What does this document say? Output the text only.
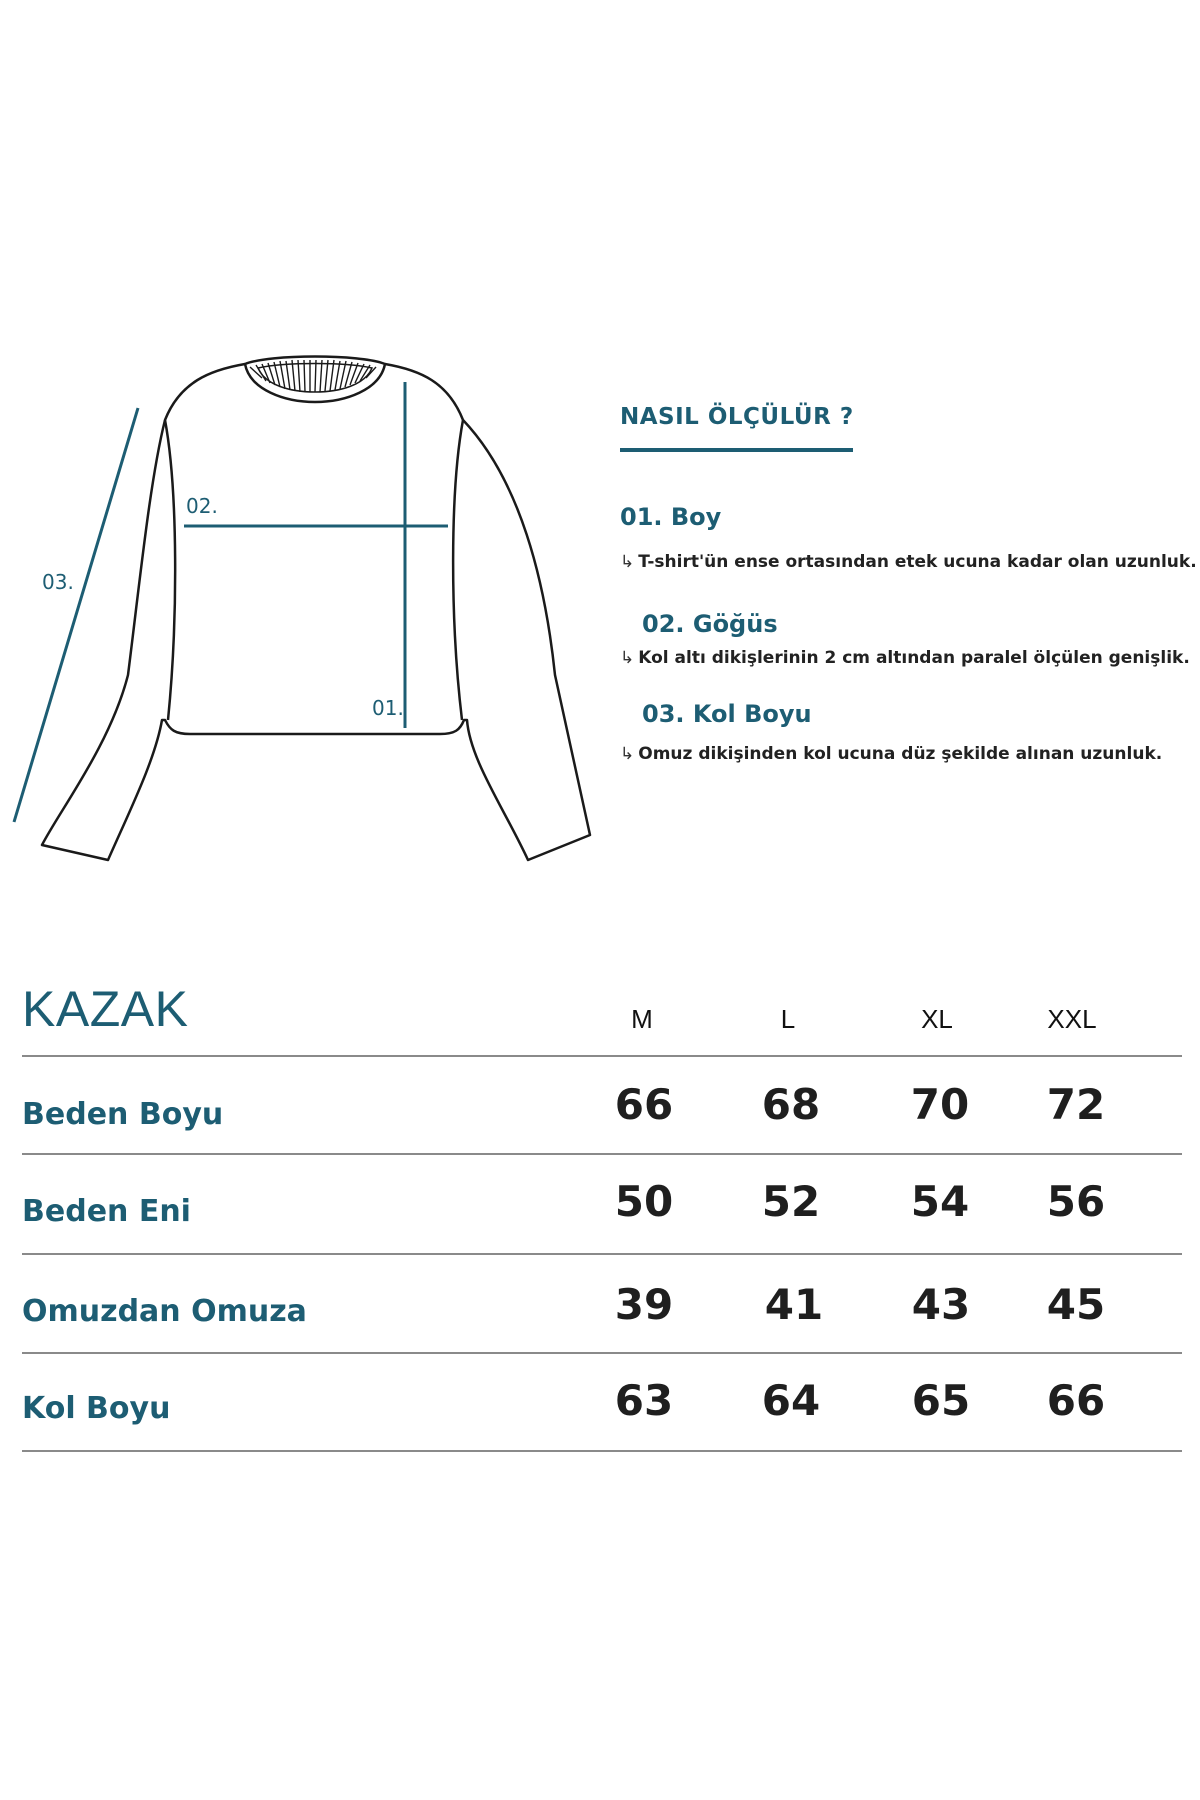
02.
03.
01.
NASIL ÖLÇÜLÜR ?
01. Boy
↳ T-shirt'ün ense ortasından etek ucuna kadar olan uzunluk.
02. Göğüs
↳ Kol altı dikişlerinin 2 cm altından paralel ölçülen genişlik.
03. Kol Boyu
↳ Omuz dikişinden kol ucuna düz şekilde alınan uzunluk.
KAZAK	M	L	XL	XXL
Beden Boyu	66	68	70	72
Beden Eni	50	52	54	56
Omuzdan Omuza	39	41	43	45
Kol Boyu	63	64	65	66
